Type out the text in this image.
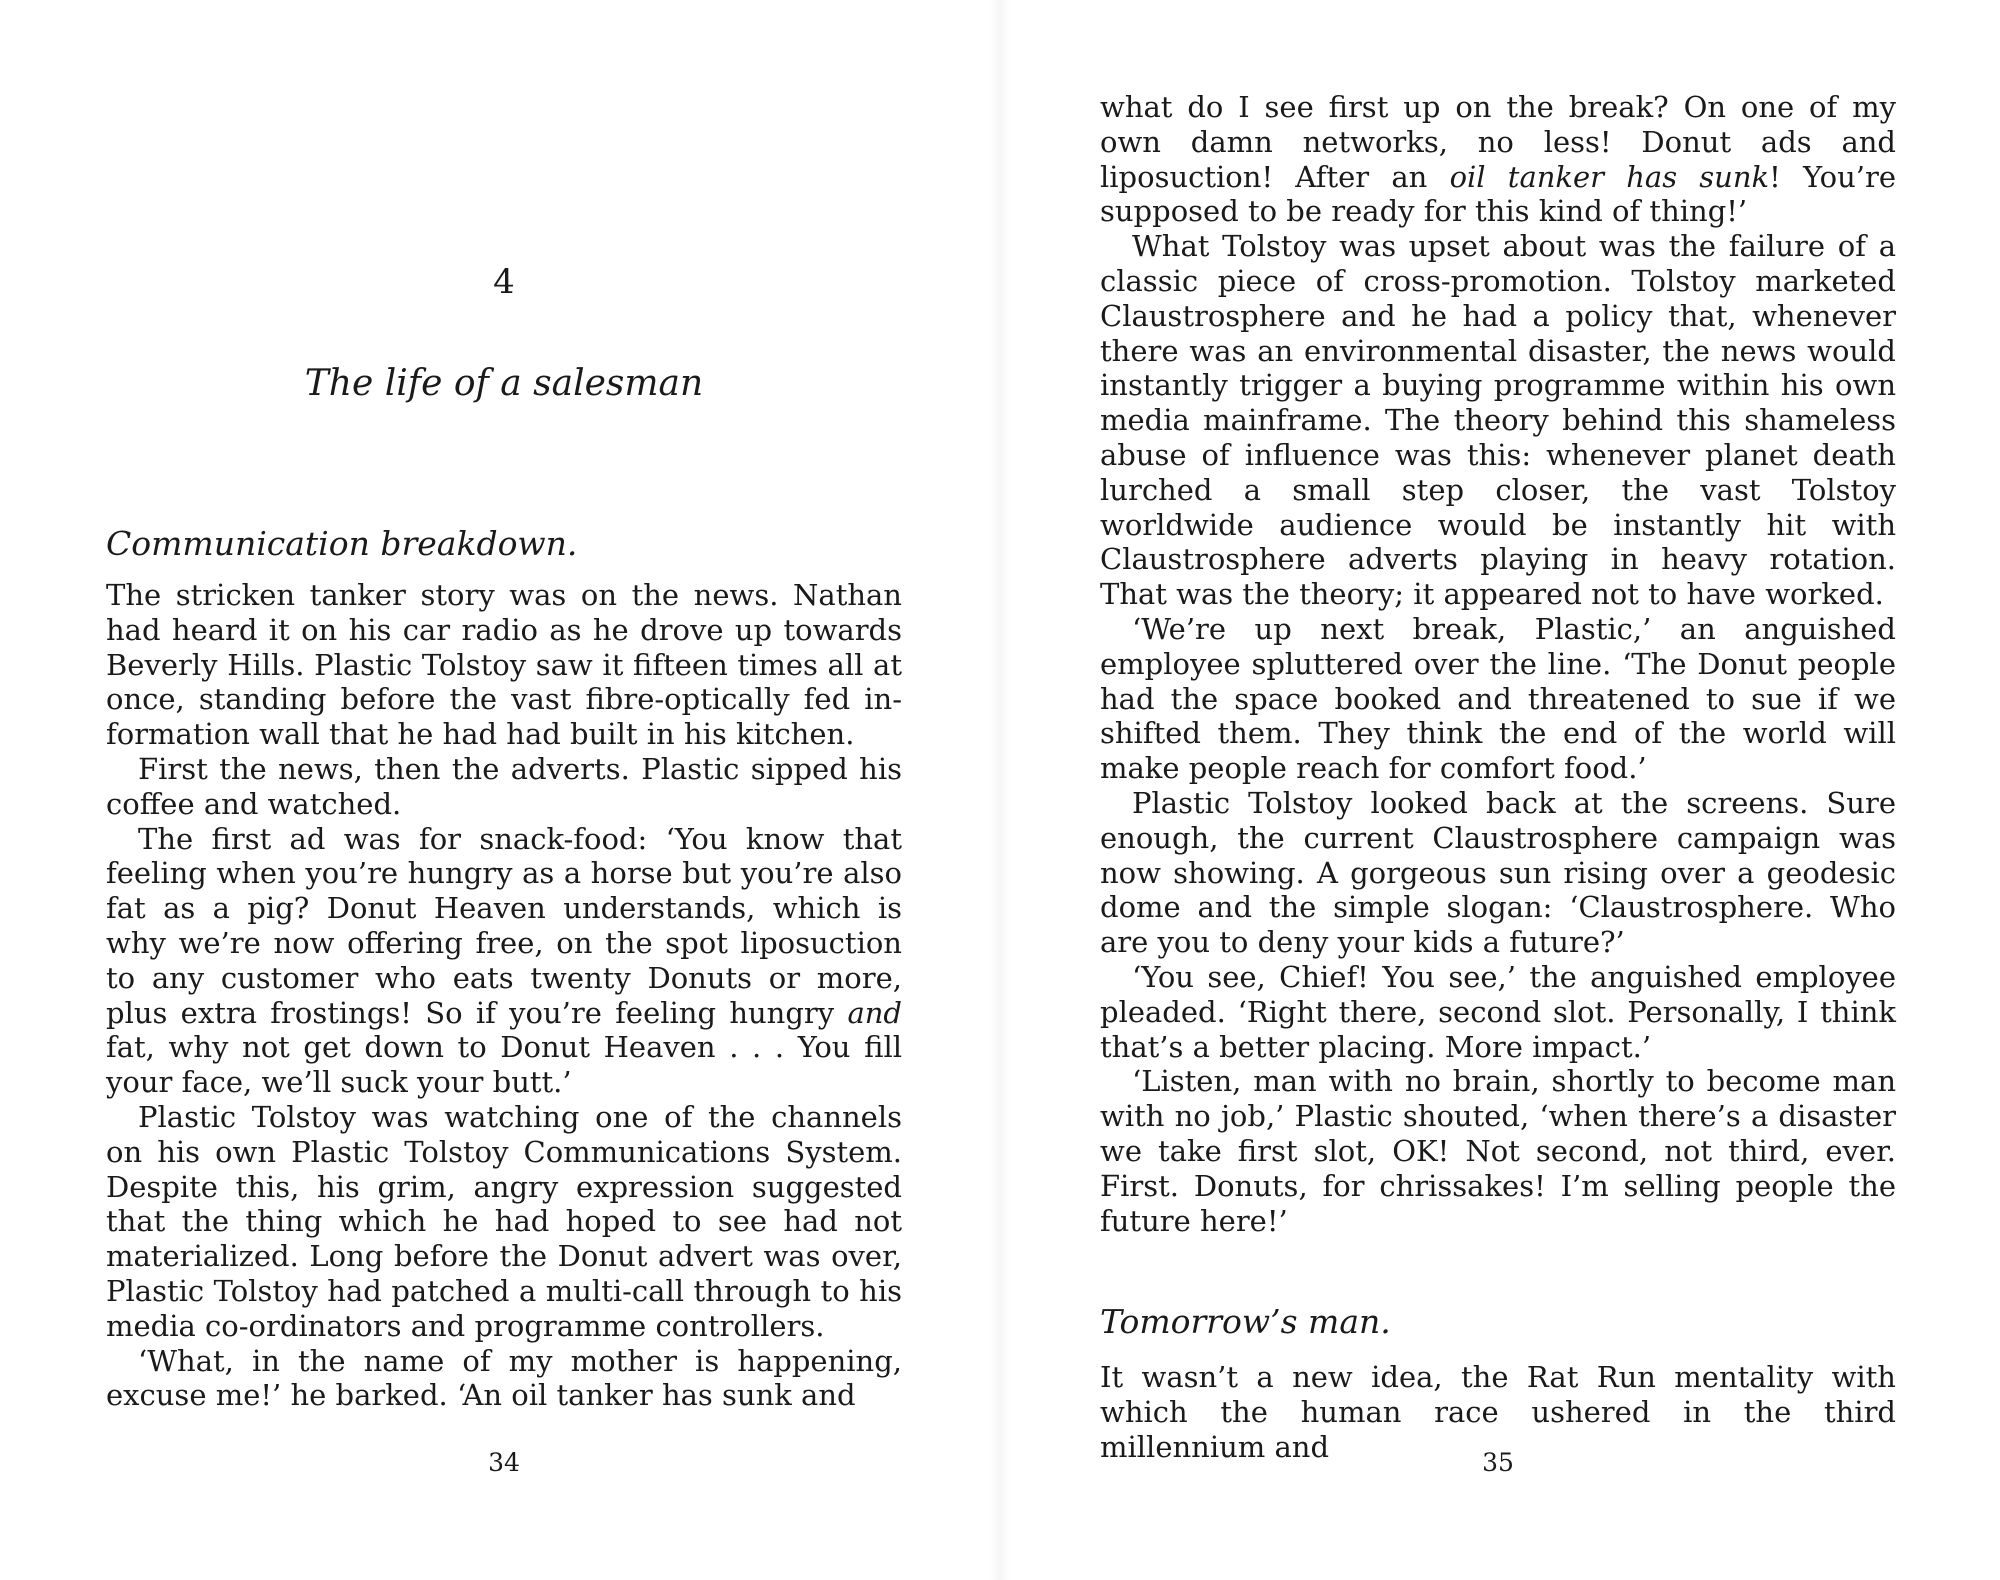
4
The life of a salesman
Communication breakdown.

The stricken tanker story was on the news. Nathan had heard it on his car radio as he drove up towards Beverly Hills. Plastic Tolstoy saw it fifteen times all at once, standing before the vast fibre-optically fed information wall that he had had built in his kitchen.

First the news, then the adverts. Plastic sipped his coffee and watched.

The first ad was for snack-food: ‘You know that feeling when you’re hungry as a horse but you’re also fat as a pig? Donut Heaven understands, which is why we’re now offering free, on the spot liposuction to any customer who eats twenty Donuts or more, plus extra frostings! So if you’re feeling hungry and fat, why not get down to Donut Heaven . . . You fill your face, we’ll suck your butt.’

Plastic Tolstoy was watching one of the channels on his own Plastic Tolstoy Communications System. Despite this, his grim, angry expression suggested that the thing which he had hoped to see had not materialized. Long before the Donut advert was over, Plastic Tolstoy had patched a multi-call through to his media co-ordinators and programme controllers.

‘What, in the name of my mother is happening, excuse me!’ he barked. ‘An oil tanker has sunk and

34

what do I see first up on the break? On one of my own damn networks, no less! Donut ads and liposuction! After an oil tanker has sunk! You’re supposed to be ready for this kind of thing!’

What Tolstoy was upset about was the failure of a classic piece of cross-promotion. Tolstoy marketed Claustrosphere and he had a policy that, whenever there was an environmental disaster, the news would instantly trigger a buying programme within his own media mainframe. The theory behind this shameless abuse of influence was this: whenever planet death lurched a small step closer, the vast Tolstoy worldwide audience would be instantly hit with Claustrosphere adverts playing in heavy rotation. That was the theory; it appeared not to have worked.

‘We’re up next break, Plastic,’ an anguished employee spluttered over the line. ‘The Donut people had the space booked and threatened to sue if we shifted them. They think the end of the world will make people reach for comfort food.’

Plastic Tolstoy looked back at the screens. Sure enough, the current Claustrosphere campaign was now showing. A gorgeous sun rising over a geodesic dome and the simple slogan: ‘Claustrosphere. Who are you to deny your kids a future?’

‘You see, Chief! You see,’ the anguished employee pleaded. ‘Right there, second slot. Personally, I think that’s a better placing. More impact.’

‘Listen, man with no brain, shortly to become man with no job,’ Plastic shouted, ‘when there’s a disaster we take first slot, OK! Not second, not third, ever. First. Donuts, for chrissakes! I’m selling people the future here!’

Tomorrow’s man.

It wasn’t a new idea, the Rat Run mentality with which the human race ushered in the third millennium and	35
